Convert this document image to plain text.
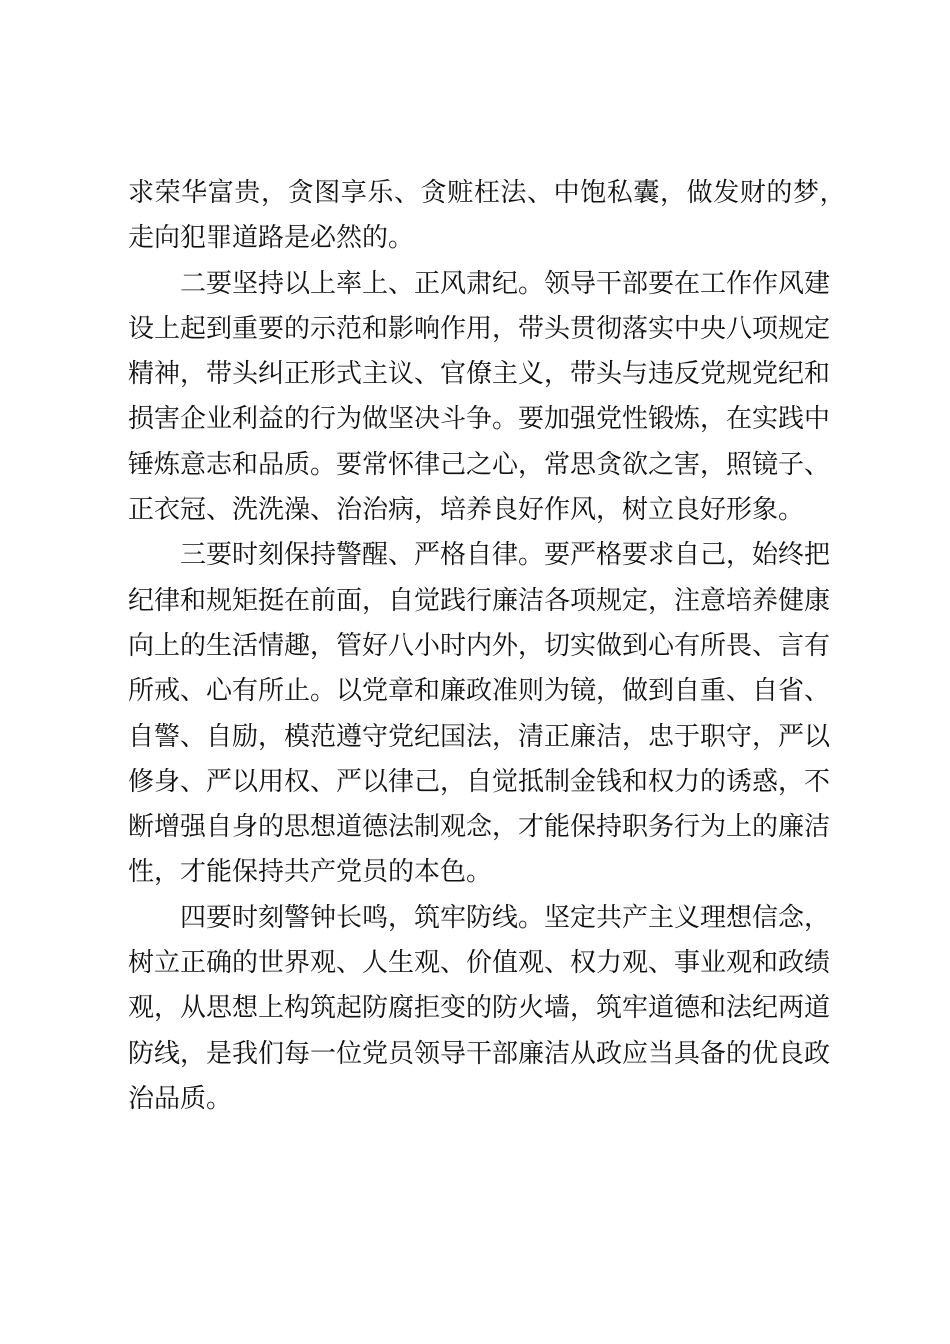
求荣华富贵，贪图享乐、贪赃枉法、中饱私囊，做发财的梦，
走向犯罪道路是必然的。
二要坚持以上率上、正风肃纪。领导干部要在工作作风建
设上起到重要的示范和影响作用，带头贯彻落实中央八项规定
精神，带头纠正形式主议、官僚主义，带头与违反党规党纪和
损害企业利益的行为做坚决斗争。要加强党性锻炼，在实践中
锤炼意志和品质。要常怀律己之心，常思贪欲之害，照镜子、
正衣冠、洗洗澡、治治病，培养良好作风，树立良好形象。
三要时刻保持警醒、严格自律。要严格要求自己，始终把
纪律和规矩挺在前面，自觉践行廉洁各项规定，注意培养健康
向上的生活情趣，管好八小时内外，切实做到心有所畏、言有
所戒、心有所止。以党章和廉政准则为镜，做到自重、自省、
自警、自励，模范遵守党纪国法，清正廉洁，忠于职守，严以
修身、严以用权、严以律己，自觉抵制金钱和权力的诱惑，不
断增强自身的思想道德法制观念，才能保持职务行为上的廉洁
性，才能保持共产党员的本色。
四要时刻警钟长鸣，筑牢防线。坚定共产主义理想信念，
树立正确的世界观、人生观、价值观、权力观、事业观和政绩
观，从思想上构筑起防腐拒变的防火墙，筑牢道德和法纪两道
防线，是我们每一位党员领导干部廉洁从政应当具备的优良政
治品质。
